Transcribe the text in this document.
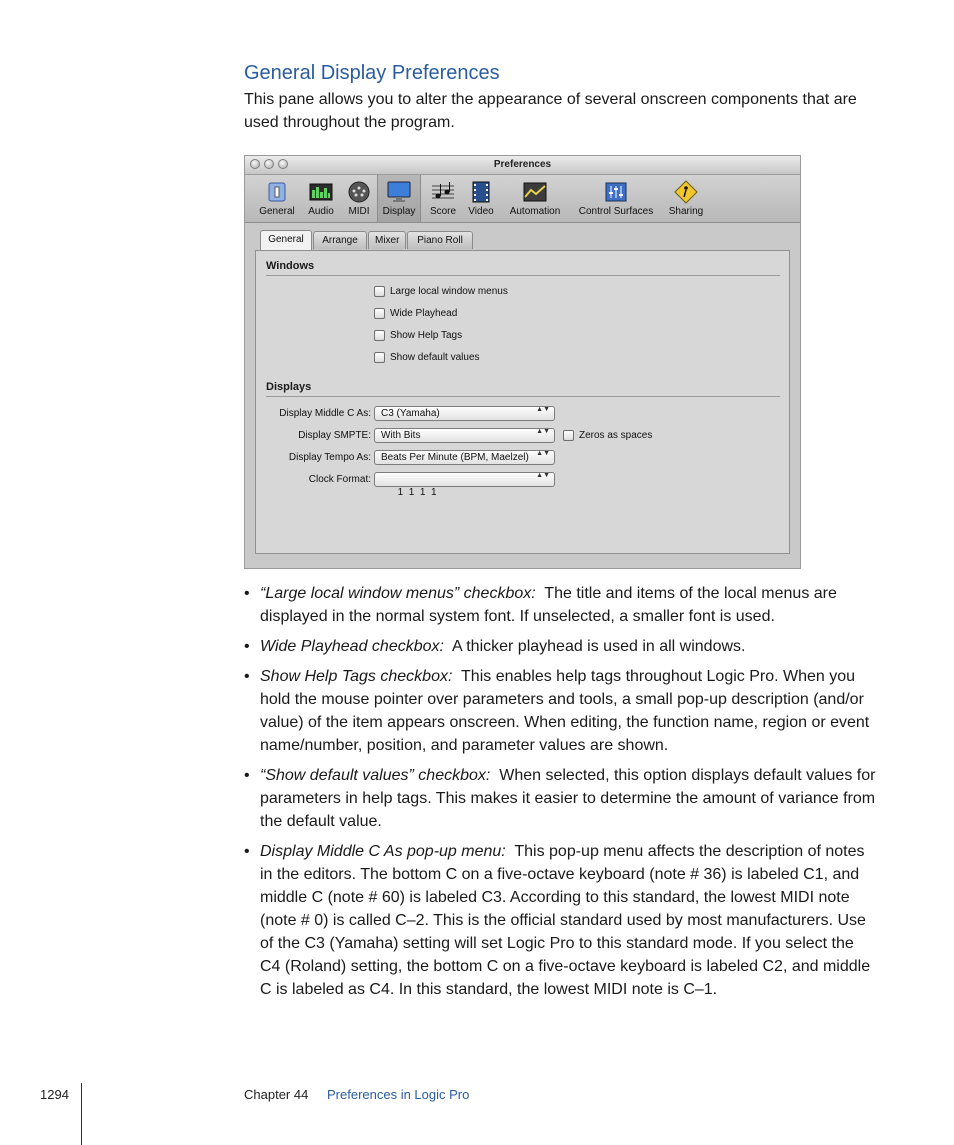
General Display Preferences

This pane allows you to alter the appearance of several onscreen components that are used throughout the program.

Preferences
General Audio MIDI Display Score Video Automation Control Surfaces Sharing
General	Arrange	Mixer	Piano Roll
Windows
Large local window menus
Wide Playhead
Show Help Tags
Show default values
Displays
Display Middle C As:	C3 (Yamaha)	▲▼
Display SMPTE:	With Bits	▲▼	Zeros as spaces
Display Tempo As:	Beats Per Minute (BPM, Maelzel) ▲▼
Clock Format:

1  1  1  1

▲▼

• “Large local window menus” checkbox: The title and items of the local menus are displayed in the normal system font. If unselected, a smaller font is used.
• Wide Playhead checkbox: A thicker playhead is used in all windows.
• Show Help Tags checkbox: This enables help tags throughout Logic Pro. When you hold the mouse pointer over parameters and tools, a small pop-up description (and/or value) of the item appears onscreen. When editing, the function name, region or event name/number, position, and parameter values are shown.
• “Show default values” checkbox: When selected, this option displays default values for parameters in help tags. This makes it easier to determine the amount of variance from the default value.
• Display Middle C As pop-up menu: This pop-up menu affects the description of notes in the editors. The bottom C on a five-octave keyboard (note # 36) is labeled C1, and middle C (note # 60) is labeled C3. According to this standard, the lowest MIDI note (note # 0) is called C–2. This is the official standard used by most manufacturers. Use of the C3 (Yamaha) setting will set Logic Pro to this standard mode. If you select the C4 (Roland) setting, the bottom C on a five-octave keyboard is labeled C2, and middle C is labeled as C4. In this standard, the lowest MIDI note is C–1.
1294	Chapter 44 Preferences in Logic Pro
